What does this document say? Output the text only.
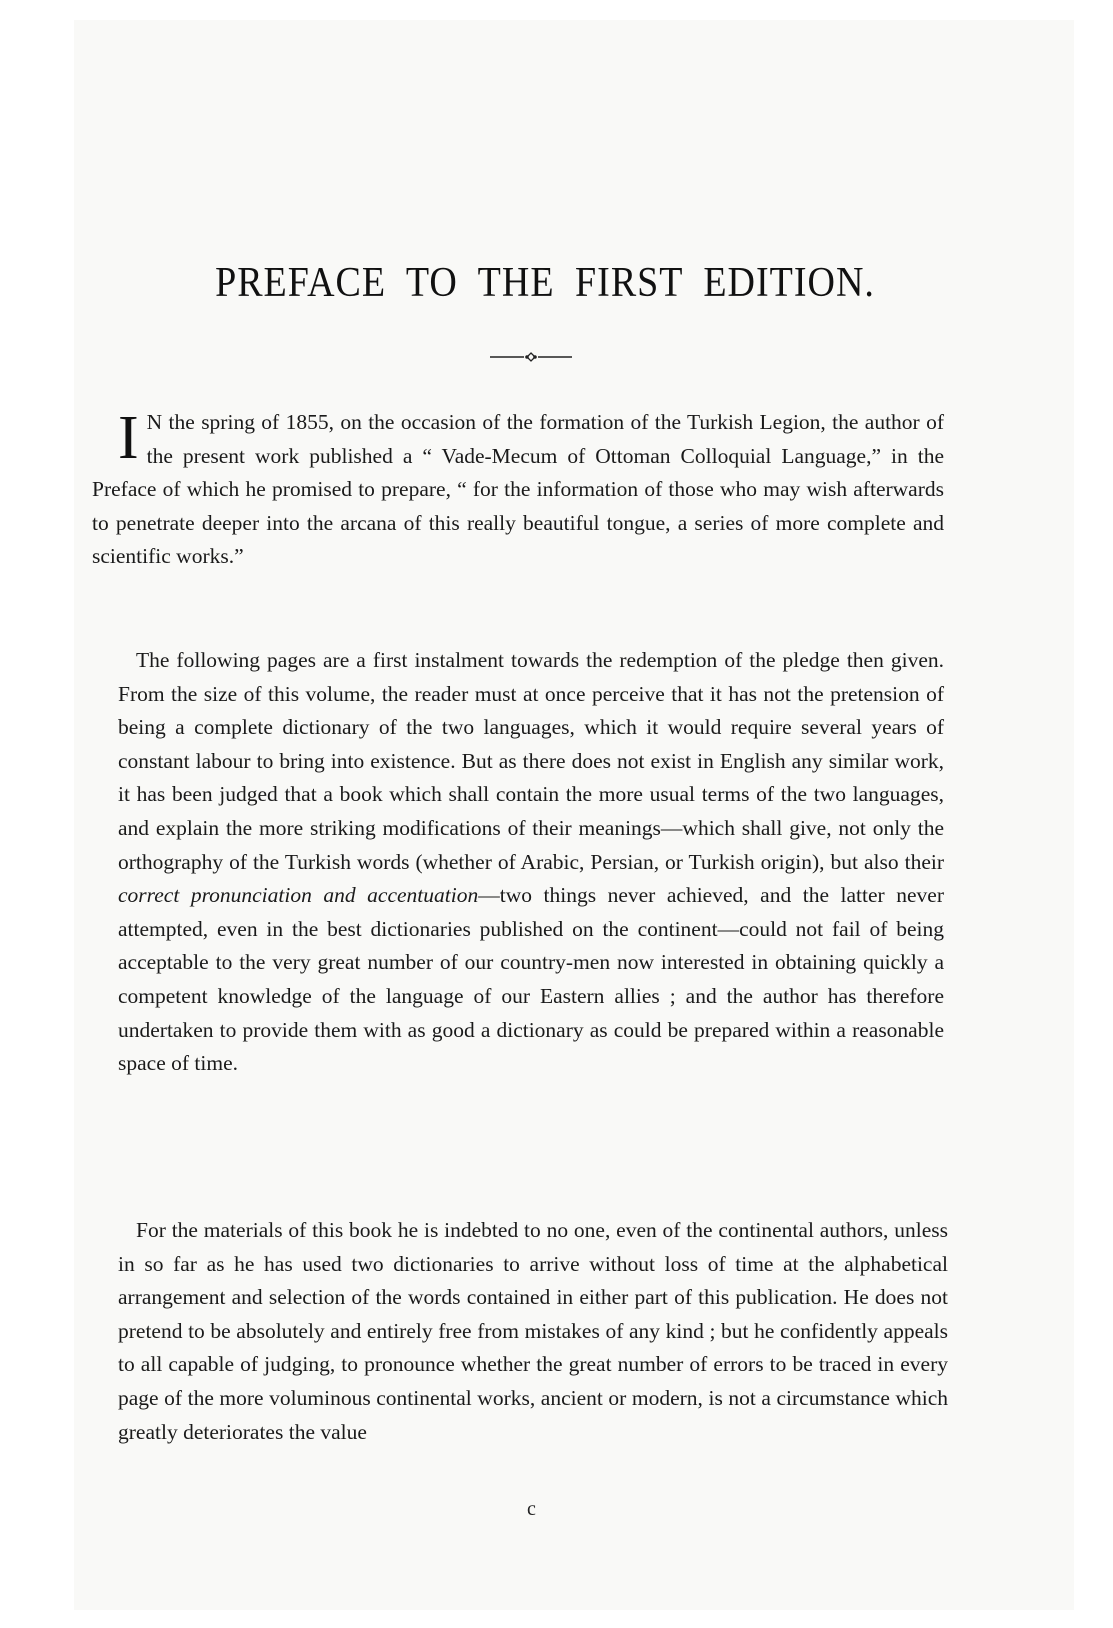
PREFACE TO THE FIRST EDITION.
I N the spring of 1855, on the occasion of the formation of the Turkish Legion, the author of the present work published a “ Vade-Mecum of Ottoman Colloquial Language,” in the Preface of which he promised to prepare, “ for the information of those who may wish afterwards to penetrate deeper into the arcana of this really beautiful tongue, a series of more complete and scientific works.”
The following pages are a first instalment towards the redemption of the pledge then given. From the size of this volume, the reader must at once perceive that it has not the pretension of being a complete dictionary of the two languages, which it would require several years of constant labour to bring into existence. But as there does not exist in English any similar work, it has been judged that a book which shall contain the more usual terms of the two languages, and explain the more striking modifications of their meanings—which shall give, not only the orthography of the Turkish words (whether of Arabic, Persian, or Turkish origin), but also their correct pronunciation and accentuation—two things never achieved, and the latter never attempted, even in the best dictionaries published on the continent—could not fail of being acceptable to the very great number of our country-men now interested in obtaining quickly a competent knowledge of the language of our Eastern allies ; and the author has therefore undertaken to provide them with as good a dictionary as could be prepared within a reasonable space of time.
For the materials of this book he is indebted to no one, even of the continental authors, unless in so far as he has used two dictionaries to arrive without loss of time at the alphabetical arrangement and selection of the words contained in either part of this publication. He does not pretend to be absolutely and entirely free from mistakes of any kind ; but he confidently appeals to all capable of judging, to pronounce whether the great number of errors to be traced in every page of the more voluminous continental works, ancient or modern, is not a circumstance which greatly deteriorates the value
c
